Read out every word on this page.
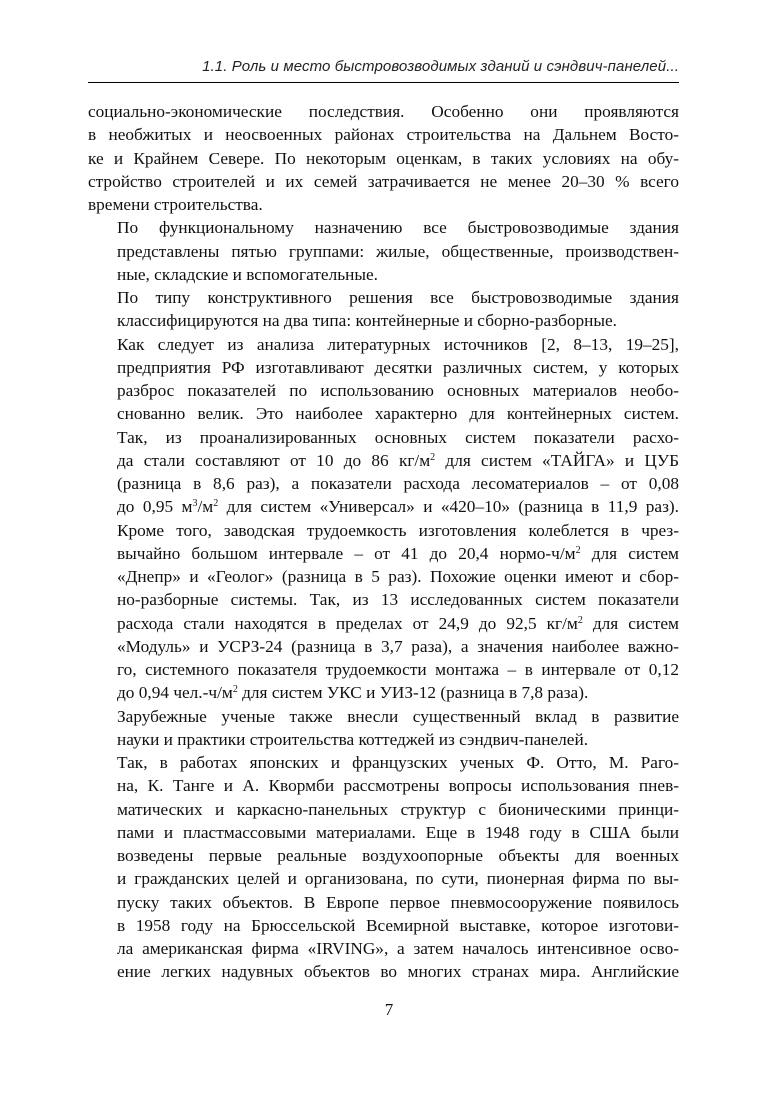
1.1. Роль и место быстровозводимых зданий и сэндвич-панелей...

социально-экономические последствия. Особенно они проявляются
в необжитых и неосвоенных районах строительства на Дальнем Восто-
ке и Крайнем Севере. По некоторым оценкам, в таких условиях на обу-
стройство строителей и их семей затрачивается не менее 20–30 % всего
времени строительства.

По функциональному назначению все быстровозводимые здания
представлены пятью группами: жилые, общественные, производствен-
ные, складские и вспомогательные.

По типу конструктивного решения все быстровозводимые здания
классифицируются на два типа: контейнерные и сборно-разборные.

Как следует из анализа литературных источников [2, 8–13, 19–25],
предприятия РФ изготавливают десятки различных систем, у которых
разброс показателей по использованию основных материалов необо-
снованно велик. Это наиболее характерно для контейнерных систем.
Так, из проанализированных основных систем показатели расхо-
да стали составляют от 10 до 86 $кг/м^2$ для систем «ТАЙГА» и ЦУБ
(разница в 8,6 раз), а показатели расхода лесоматериалов – от 0,08
до 0,95 $м^3/м^2$ для систем «Универсал» и «420–10» (разница в 11,9 раз).
Кроме того, заводская трудоемкость изготовления колеблется в чрез-
вычайно большом интервале – от 41 до 20,4 нормо-$ч/м^2$ для систем
«Днепр» и «Геолог» (разница в 5 раз). Похожие оценки имеют и сбор-
но-разборные системы. Так, из 13 исследованных систем показатели
расхода стали находятся в пределах от 24,9 до 92,5 $кг/м^2$ для систем
«Модуль» и УСРЗ-24 (разница в 3,7 раза), а значения наиболее важно-
го, системного показателя трудоемкости монтажа – в интервале от 0,12
до 0,94 $чел.-ч/м^2$ для систем УКС и УИЗ-12 (разница в 7,8 раза).

Зарубежные ученые также внесли существенный вклад в развитие
науки и практики строительства коттеджей из сэндвич-панелей.

Так, в работах японских и французских ученых Ф. Отто, М. Раго-
на, К. Танге и А. Квормби рассмотрены вопросы использования пнев-
матических и каркасно-панельных структур с бионическими принци-
пами и пластмассовыми материалами. Еще в 1948 году в США были
возведены первые реальные воздухоопорные объекты для военных
и гражданских целей и организована, по сути, пионерная фирма по вы-
пуску таких объектов. В Европе первое пневмосооружение появилось
в 1958 году на Брюссельской Всемирной выставке, которое изготови-
ла американская фирма «IRVING», а затем началось интенсивное осво-
ение легких надувных объектов во многих странах мира. Английские

7
